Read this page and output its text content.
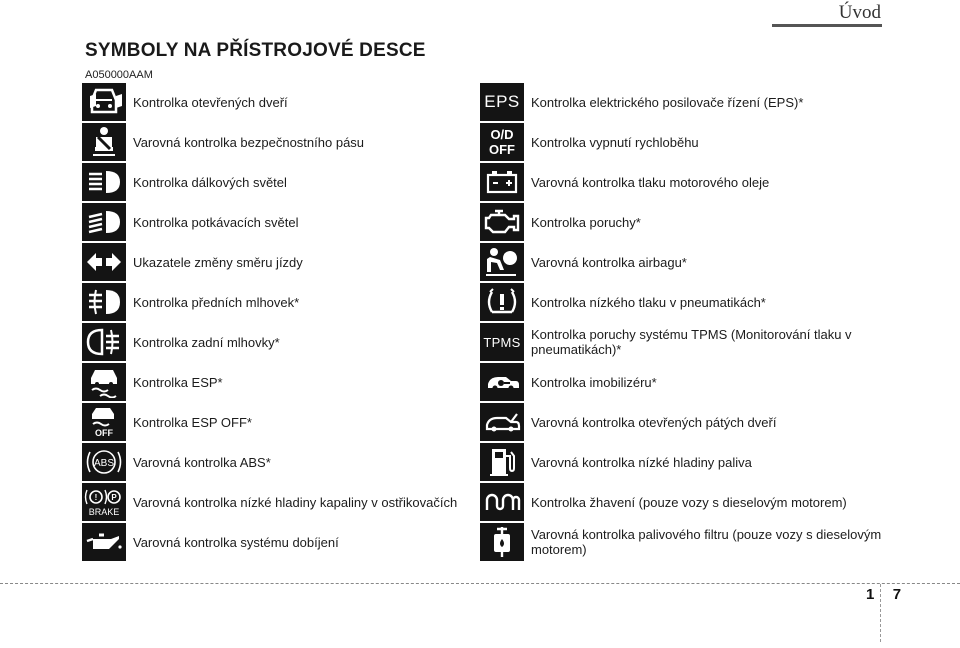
Úvod
SYMBOLY NA PŘÍSTROJOVÉ DESCE
A050000AAM
Kontrolka otevřených dveří
Varovná kontrolka bezpečnostního pásu
Kontrolka dálkových světel
Kontrolka potkávacích světel
Ukazatele změny směru jízdy
Kontrolka předních mlhovek*
Kontrolka zadní mlhovky*
Kontrolka ESP*
OFF
Kontrolka ESP OFF*
ABS Varovná kontrolka ABS*
P
!
BRAKE
Varovná kontrolka nízké hladiny kapaliny v ostřikovačích
Varovná kontrolka systému dobíjení
EPS Kontrolka elektrického posilovače řízení (EPS)*
O/D
OFF Kontrolka vypnutí rychloběhu
Varovná kontrolka tlaku motorového oleje
Kontrolka poruchy*
Varovná kontrolka airbagu*
Kontrolka nízkého tlaku v pneumatikách*
TPMS Kontrolka poruchy systému TPMS (Monitorování tlaku v pneumatikách)*
Kontrolka imobilizéru*
Varovná kontrolka otevřených pátých dveří
Varovná kontrolka nízké hladiny paliva
Kontrolka žhavení (pouze vozy s dieselovým motorem)
Varovná kontrolka palivového filtru (pouze vozy s dieselovým motorem)
1 7
